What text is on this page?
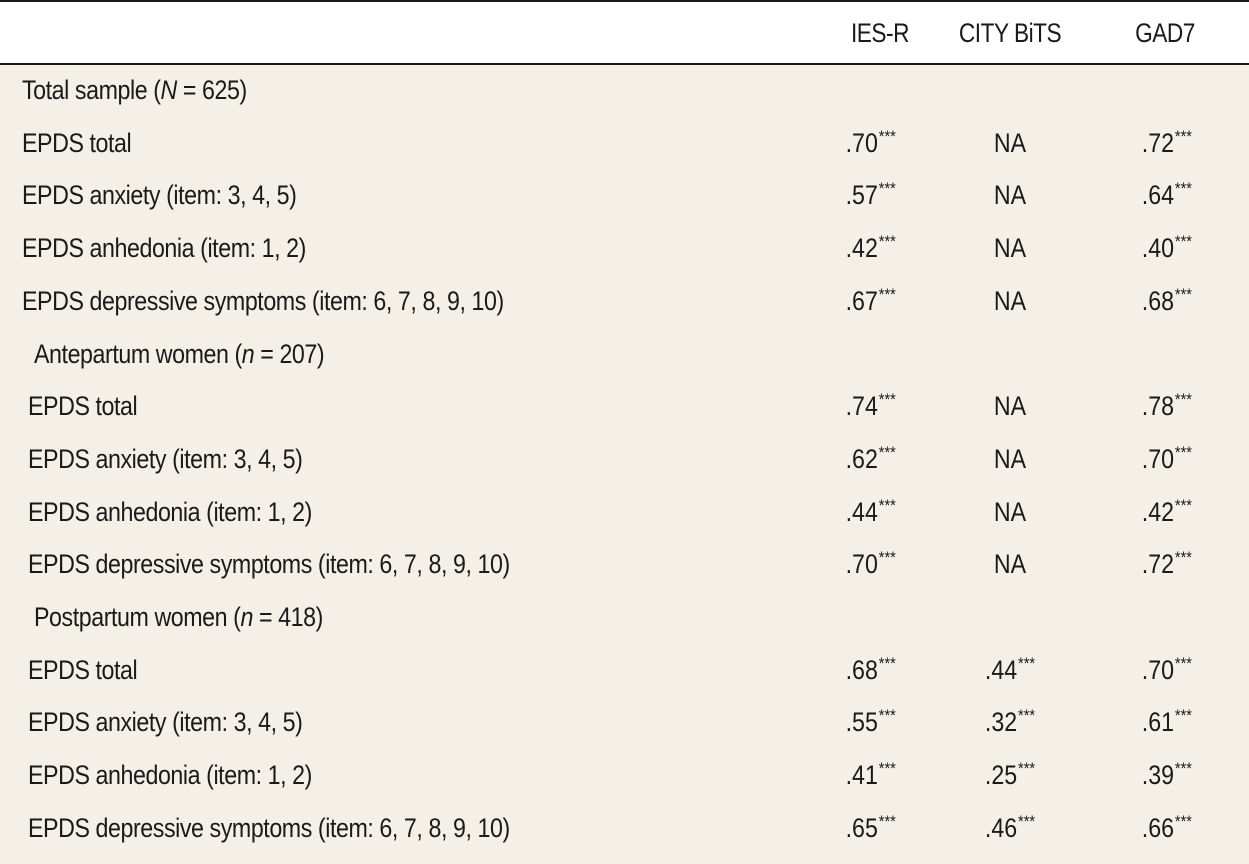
IES-R	CITY BiTS	GAD7
Total sample (N = 625)
EPDS total	.70***	NA	.72***
EPDS anxiety (item: 3, 4, 5)	.57***	NA	.64***
EPDS anhedonia (item: 1, 2)	.42***	NA	.40***
EPDS depressive symptoms (item: 6, 7, 8, 9, 10)	.67***	NA	.68***
Antepartum women (n = 207)
EPDS total	.74***	NA	.78***
EPDS anxiety (item: 3, 4, 5)	.62***	NA	.70***
EPDS anhedonia (item: 1, 2)	.44***	NA	.42***
EPDS depressive symptoms (item: 6, 7, 8, 9, 10)	.70***	NA	.72***
Postpartum women (n = 418)
EPDS total	.68***	.44***	.70***
EPDS anxiety (item: 3, 4, 5)	.55***	.32***	.61***
EPDS anhedonia (item: 1, 2)	.41***	.25***	.39***
EPDS depressive symptoms (item: 6, 7, 8, 9, 10)	.65***	.46***	.66***
